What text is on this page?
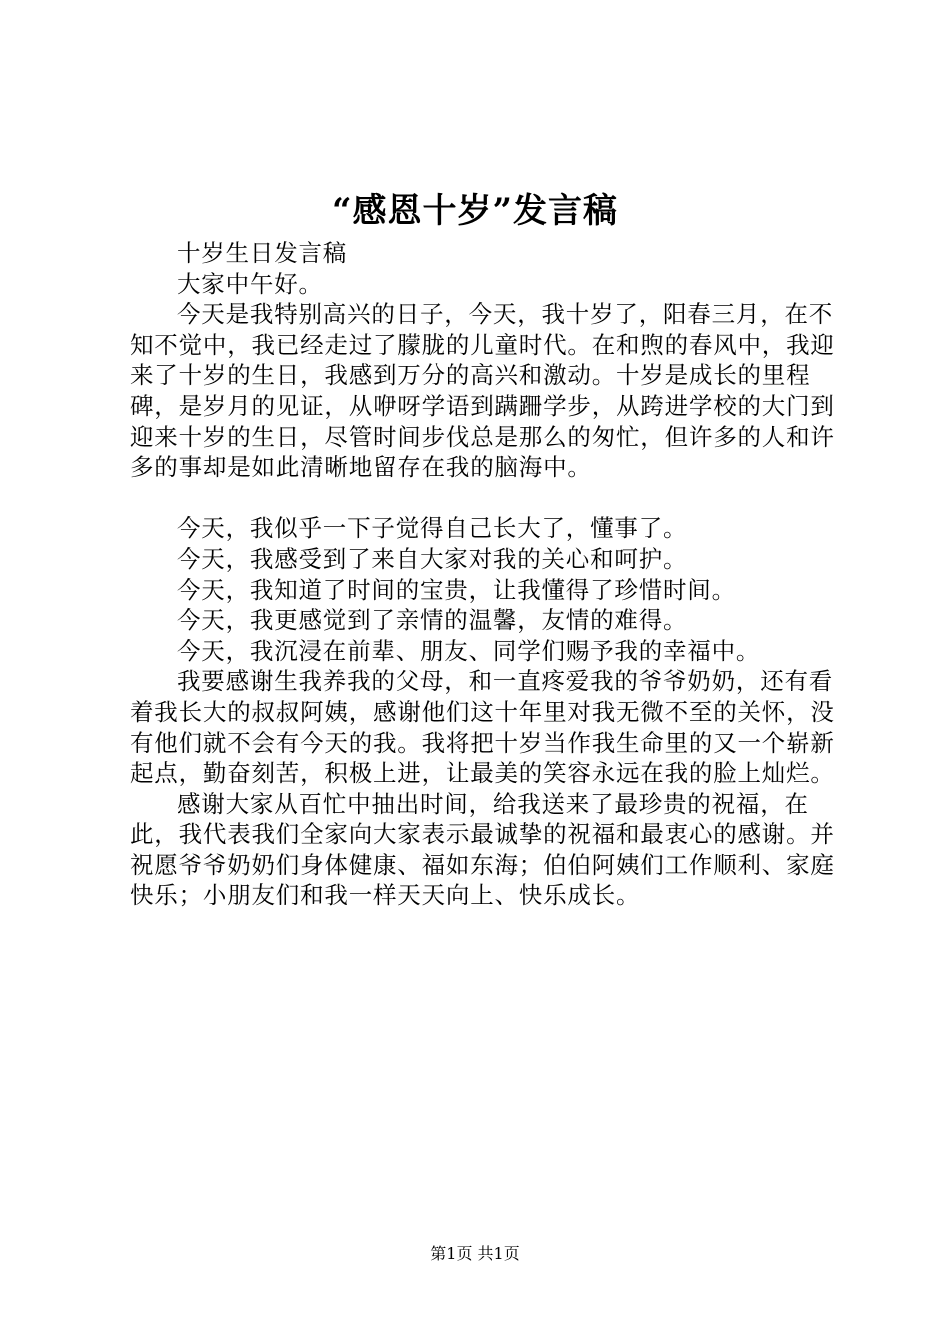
“感恩十岁”发言稿

十岁生日发言稿

大家中午好。

今天是我特别高兴的日子，今天，我十岁了，阳春三月，在不知不觉中，我已经走过了朦胧的儿童时代。在和煦的春风中，我迎来了十岁的生日，我感到万分的高兴和激动。十岁是成长的里程碑，是岁月的见证，从咿呀学语到蹒跚学步，从跨进学校的大门到迎来十岁的生日，尽管时间步伐总是那么的匆忙，但许多的人和许多的事却是如此清晰地留存在我的脑海中。

今天，我似乎一下子觉得自己长大了，懂事了。

今天，我感受到了来自大家对我的关心和呵护。

今天，我知道了时间的宝贵，让我懂得了珍惜时间。

今天，我更感觉到了亲情的温馨，友情的难得。

今天，我沉浸在前辈、朋友、同学们赐予我的幸福中。

我要感谢生我养我的父母，和一直疼爱我的爷爷奶奶，还有看着我长大的叔叔阿姨，感谢他们这十年里对我无微不至的关怀，没有他们就不会有今天的我。我将把十岁当作我生命里的又一个崭新起点，勤奋刻苦，积极上进，让最美的笑容永远在我的脸上灿烂。

感谢大家从百忙中抽出时间，给我送来了最珍贵的祝福，在此，我代表我们全家向大家表示最诚挚的祝福和最衷心的感谢。并祝愿爷爷奶奶们身体健康、福如东海；伯伯阿姨们工作顺利、家庭快乐；小朋友们和我一样天天向上、快乐成长。

第1页 共1页
